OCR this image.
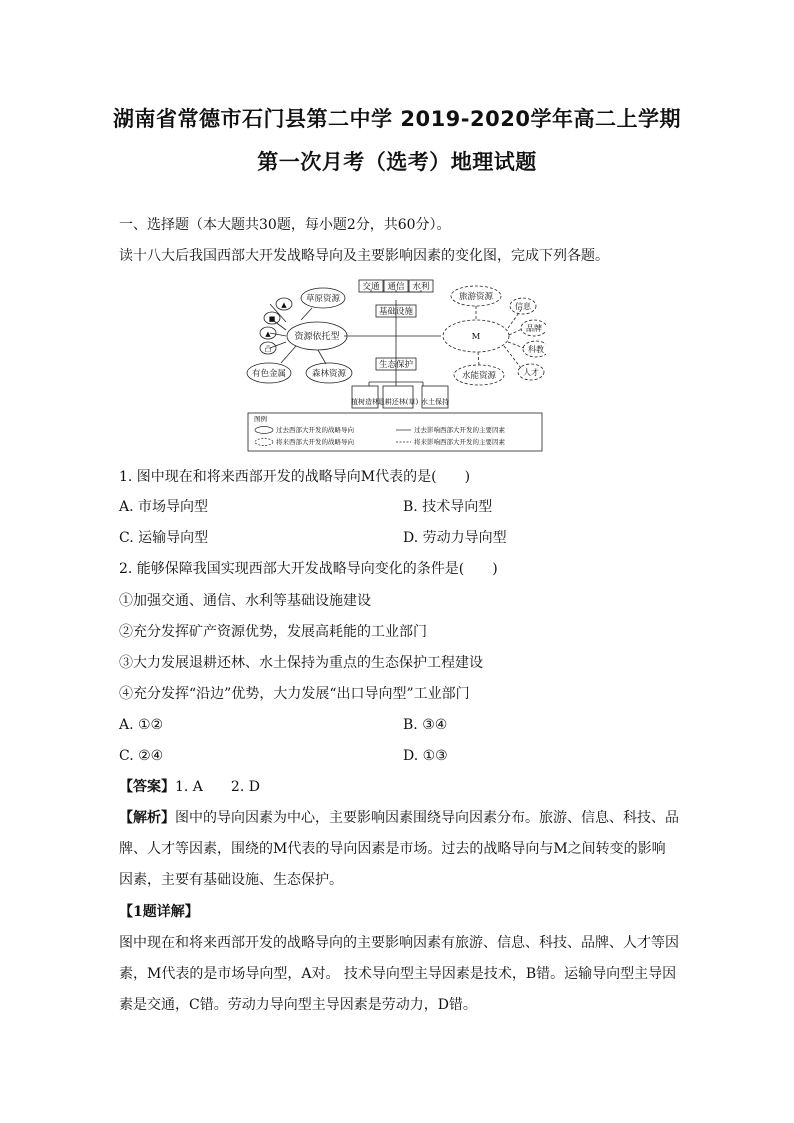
湖南省常德市石门县第二中学 2019-2020学年高二上学期
第一次月考（选考）地理试题
一、选择题（本大题共30题，每小题2分，共60分）。
读十八大后我国西部大开发战略导向及主要影响因素的变化图，完成下列各题。
草原资源
资源依托型
有色金属	森林资源
▲
■
▲
凸
交通 通信 水利
基础设施
生态保护
M
旅游资源
信息
品牌
科教
人才
水能资源
植树造林
退耕还林(草) 水土保持
图例
过去西部大开发的战略导向
将来西部大开发的战略导向
过去影响西部大开发的主要因素
将来影响西部大开发的主要因素
1. 图中现在和将来西部开发的战略导向M代表的是(　　)
A. 市场导向型	B. 技术导向型
C. 运输导向型	D. 劳动力导向型
2. 能够保障我国实现西部大开发战略导向变化的条件是(　　)
①加强交通、通信、水利等基础设施建设
②充分发挥矿产资源优势，发展高耗能的工业部门
③大力发展退耕还林、水土保持为重点的生态保护工程建设
④充分发挥“沿边”优势，大力发展“出口导向型”工业部门
A. ①②	B. ③④
C. ②④	D. ①③
【答案】1. A　　2. D
【解析】图中的导向因素为中心，主要影响因素围绕导向因素分布。旅游、信息、科技、品牌、人才等因素，围绕的M代表的导向因素是市场。过去的战略导向与M之间转变的影响因素，主要有基础设施、生态保护。
【1题详解】
图中现在和将来西部开发的战略导向的主要影响因素有旅游、信息、科技、品牌、人才等因素，M代表的是市场导向型，A对。 技术导向型主导因素是技术，B错。运输导向型主导因素是交通，C错。劳动力导向型主导因素是劳动力，D错。
